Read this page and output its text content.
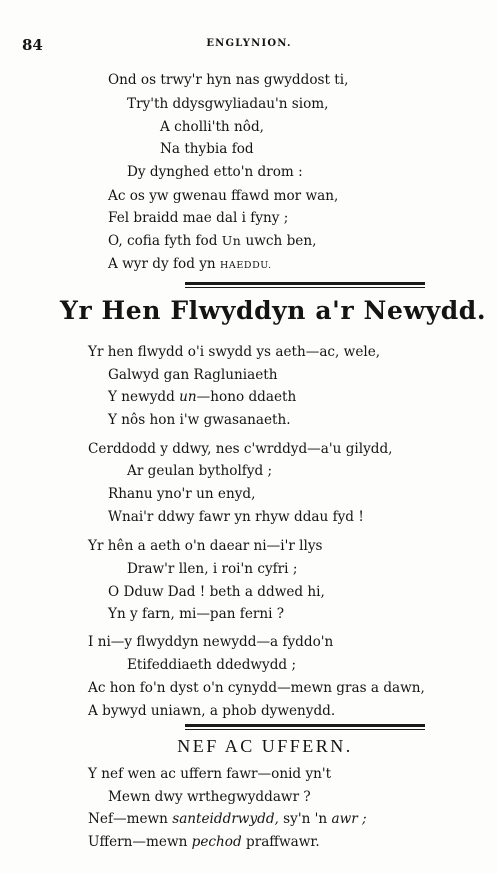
84	ENGLYNION.
Ond os trwy'r hyn nas gwyddost ti,
Try'th ddysgwyliadau'n siom,
A cholli'th nôd,
Na thybia fod
Dy dynghed etto'n drom :
Ac os yw gwenau ffawd mor wan,
Fel braidd mae dal i fyny ;
O, cofia fyth fod Un uwch ben,
A wyr dy fod yn HAEDDU.
Yr Hen Flwyddyn a'r Newydd.
Yr hen flwydd o'i swydd ys aeth—ac, wele,
Galwyd gan Ragluniaeth
Y newydd un—hono ddaeth
Y nôs hon i'w gwasanaeth.
Cerddodd y ddwy, nes c'wrddyd—a'u gilydd,
Ar geulan bytholfyd ;
Rhanu yno'r un enyd,
Wnai'r ddwy fawr yn rhyw ddau fyd !
Yr hên a aeth o'n daear ni—i'r llys
Draw'r llen, i roi'n cyfri ;
O Dduw Dad ! beth a ddwed hi,
Yn y farn, mi—pan ferni ?
I ni—y flwyddyn newydd—a fyddo'n
Etifeddiaeth ddedwydd ;
Ac hon fo'n dyst o'n cynydd—mewn gras a dawn,
A bywyd uniawn, a phob dywenydd.
NEF AC UFFERN.
Y nef wen ac uffern fawr—onid yn't
Mewn dwy wrthegwyddawr ?
Nef—mewn santeiddrwydd, sy'n 'n awr ;
Uffern—mewn pechod praffwawr.
